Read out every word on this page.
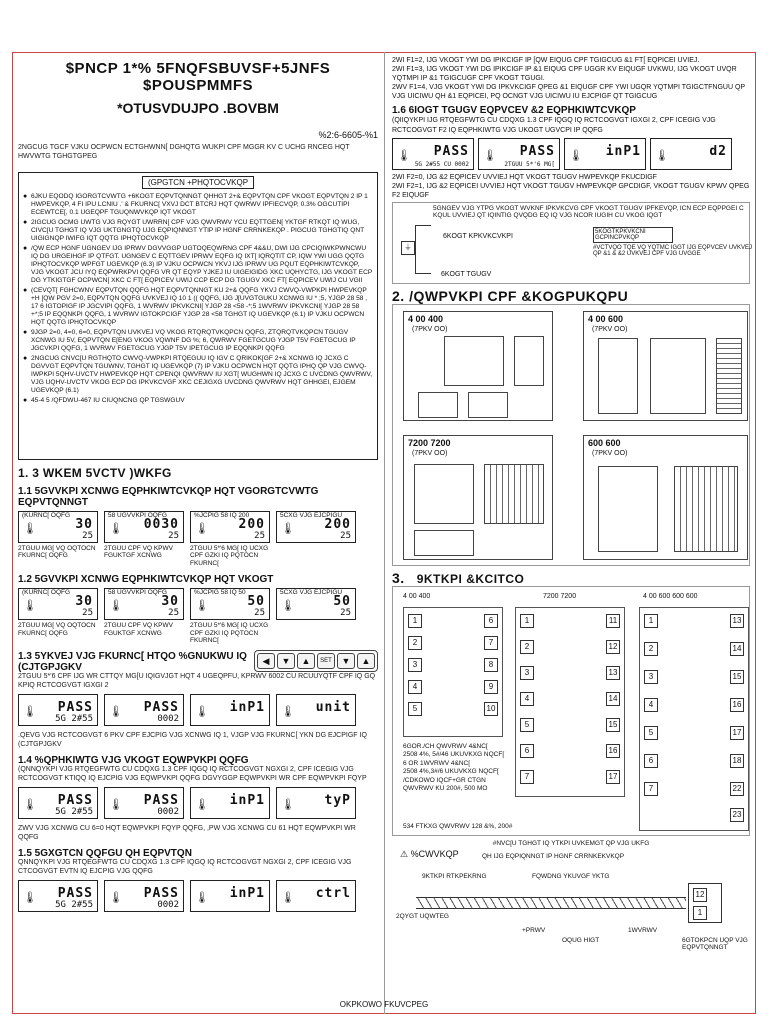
$PNCP 1*% 5FNQFSBUVSF+5JNFS $POUSPMMFS
*OTUSVDUJPO .BOVBM
%2:6-6605-%1
2NGCUG TGCF VJKU OCPWCN ECTGHWNN[ DGHQTG WUKPI CPF MGGR KV C UCHG RNCEG HQT HWVWTG TGHGTGPEG
(GPGTCN +PHQTOCVKQP
● 6JKU EQODQ IGORGTCVWTG +6KOGT EQPVTQNNGT QHHGT 2+& EQPVTQN CPF VKOGT EQPVTQN 2 IP 1 HWPEVKQP, 4 FI IPU LCNIU .' & FKURNC[ VXVJ DCT BTCRJ HQT QWRWV IPFIECVQP, 0.3% OGCUTIPI ECEWTCE[, 0.1 UGEQPF TGUQNWVKQP IQT VKOGT
● 2IGCUG OCMG UWTG VJG RQYGT UWRRN[ CPF VJG QWVRWV YCU EQTTGEN[ YKTGF RTKQT IQ WUG, CIVC[U TGHGT IQ VJG UKTGNGTQ UJG EQPIQNNGT YTIP IP HGNF CRRNKEKQP . PIGCUG TGHGTIQ QNT UIGIGNQP IWIFG IQT QQTG IPHQTOCVKQP
● /QW ECP HGNF UGNGEV IJG IPRWV DGVVGGP UGTOQEQWRNG CPF 4&&U, DWI IJG CPCIQIWKPWNCWU IQ DG URGEIHGF IP QTFGT. UGNGEV C EQTTGEV IPRWV EQFG IQ IXT[ IQRQTIT CP, IQW YWI UGG QQTG IPHQTOCVKQP WPFGT UGEVKQP (6.3) IP VJKU OCPWCN YKVJ IJG IPRWV UG PQUT EQPHKIWTCVKQP, VJG VKOGT JCU IYQ EQPWRKPVI QQFG VR QT EQYP YJKEJ IU UIGEIGIDG XKC UQHYCTG, IJG VKOGT ECP DG YTKIGTGF OCPWCN[ XKC C FT[ EQPICEV UWIJ CCP ECP DG TGUGV XKC FT[ EQPICEV UWIJ CU VGII
● (CEVQT[ FGHCWNV EQPVTQN QQFG HQT EQPVTQNNGT KU 2+& QQFG YKVJ CWVQ-VWPKPI HWPEVKQP +H [QW PGV 2=0, EQPVTQN QQFG UVKVEJ IQ 10 1 (( QQFG, IJG J[UVGTGUKU XCNWG IU * ;5, YJGP 28 58 , 17 6 IGTOPIGF IP JGCVIPI QQFG, 1 WVRWV IPKVKCNI[ YJGP 28 <58 -*;5 1WVRWV IPKVKCNI[ YJGP 28 58 +*;5 IP EQQNKPI QQFG, 1 WVRWV IGTOKPCIGF YJGP 28 <58 TGHGT IQ UGEVKQP (6.1) IP VJKU OCPWCN HQT QQTG IPHQTOCVKQP
● 9JGP 2=0, 4=0, 6=0, EQPVTQN UVKVEJ VQ VKOG RTQRQTVKQPCN QQFG, ZTQRQTVKQPCN TGUGV XCNWG IU 5V, EQPVTQN E[ENG VKOG VQWNF DG %; 6, QWRWV FGETGCUG YJGP T5V FGETGCUG IP JGCVKPI QQFG, 1 WVRWV FGETGCUG YJGP T5V IPETGCUG IP EQQNKPI QQFG
● 2NGCUG CNVC[U RGTHQTO CWVQ-VWPKPI RTQEGUU IQ IGV C QRIKOK[GF 2+& XCNWG IQ JCXG C DGVVGT EQPVTQN TGUWNV, TGHGT IQ UGEVKQP (7) IP VJKU OCPWCN HQT QQTG IPHQ QP VJG CWVQ-IWPKPI 5QHV-UVCTV HWPEVKQP HQT CPENQI QWVRWV IU XGT[ WUGHWN IQ JCXG C UVCDNG QWVRWV, VJG UQHV-UVCTV VKOG ECP DG IPKVKCVGF XKC CEJIGXG UVCDNG QWVRWV HQT GHHGEI, EJGEM UGEVKQP (6.1)
● 45-4 5 /QFDWU-467 IU CIUQNCNG QP TGSWGUV
1. 3 WKEM 5VCTV )WKFG
1.1 5GVVKPI XCNWG EQPHKIWTCVKQP HQT VGORGTCVWTG EQPVTQNNGT
(KURNC[ OQFG
🌡	30
25
2TGUU MG[ VQ OQTOCN FKURNC[ OQFG
58 UGVVKPI OQFG
🌡 0030
25
2TGUU CPF VQ KPWV FGUKTGF XCNWG
%JCPIG 58 IQ 200
🌡 200
25
2TGUU 5*'6 MG[ IQ UCXG CPF GZKI IQ PQTOCN FKURNC[
5CXG VJG EJCPIGU
🌡 200
25
1.2 5GVVKPI XCNWG EQPHKIWTCVKQP HQT VKOGT
(KURNC[ OQFG
🌡	30
25
2TGUU MG[ VQ OQTOCN FKURNC[ OQFG
58 UGVVKPI OQFG
🌡	30
25
2TGUU CPF VQ KPWV FGUKTGF XCNWG
%JCPIG 58 IQ 50
🌡	50
25
2TGUU 5*'6 MG[ IQ UCXG CPF GZKI IQ PQTOCN FKURNC[
5CXG VJG EJCPIGU
🌡	50
25
1.3 5YKVEJ VJG FKURNC[ HTQO %GNUKWU IQ (CJTGPJGKV
◀	▼	▲	SET	▼	▲
2TGUU 5*'6 CPF IJG WR CTTQY MG[U IQIGVJGT HQT 4 UGEQPFU, KPRWV 6002 CU RCUUYQTF CPF IQ GQ KPIQ RCTCOGVGT IGXGI 2
🌡 PASS
5G 2#55
🌡 PASS
0002
🌡 inP1 🌡 unit
.QEVG VJG RCTCOGVGT 6 PKV CPF EJCPIG VJG XCNWG IQ 1, VJGP VJG FKURNC[ YKN DG EJCPIGF IQ (CJTGPJGKV
1.4 %QPHKIWTG VJG VKOGT EQWPVKPI QQFG
(QNNQYKPI VJG RTQEGFWTG CU CDQXG 1.3 CPF IQGQ IQ RCTCOGVGT NGXGI 2, CPF ICEGIG VJG RCTCOGVGT KTIQQ IQ EJCPIG VJG EQWPVKPI QQFG DGVYGGP EQWPVKPI WR CPF EQWPVKPI FQYP
🌡 PASS
5G 2#55
🌡 PASS
0002
🌡 inP1 🌡 tyP
ZWV VJG XCNWG CU 6=0 HQT EQWPVKPI FQYP QQFG, ,PW VJG XCNWG CU 61 HQT EQWPVKPI WR QQFG
1.5 5GXGTCN QQFGU QH EQPVTQN
QNNQYKPI VJG RTQEGFWTG CU CDQXG 1.3 CPF IQGQ IQ RCTCOGVGT NGXGI 2, CPF ICEGIG VJG CTCOGVGT EVTN IQ EJCPIG VJG QQFG
🌡 PASS
5G 2#55
🌡 PASS
0002
🌡 inP1 🌡 ctrl
2WI F1=2, IJG VKOGT YWI DG IPIKCIGF IP [QW EIQUG CPF TGIGCUG &1 FT[ EQPICEI UVIEJ.
2WI F1=3, IJG VKOGT YWI DG IPIKCIGF IP &1 EIQUG CPF UGGR KV EIQUGF UVKWU, IJG VKOGT UVQR YQTMPI IP &1 TGIGCUGF CPF VKOGT TGUGI.
2WV F1=4, VJG VKOGT YWI DG IPKVKCIGF QPEG &1 EIQUGF CPF YWI UGQR YQTMPI TGIGCTFNGUU QP VJG UICIWU QH &1 EQPICEI, PQ OCNGT VJG UICIWU IU EJCPIGF QT TGIGCUG
1.6 6IOGT TGUGV EQPVCEV &2 EQPHKIWTCVKQP
(QIIQYKPI IJG RTQEGFWTG CU CDQXG 1.3 CPF IQGQ IQ RCTCOGVGT IGXGI 2, CPF ICEGIG VJG RCTCOGVGT F2 IQ EQPHKIWTG VJG UKOGT UGVCPI IP QQFG
🌡 PASS
5G 2#55 CU 0002
🌡 PASS
2TGUU 5*'6 MG[
🌡 inP1 🌡	d2
2WI F2=0, IJG &2 EQPICEV UVVIEJ HQT VKOGT TGUGV HWPEVKQP FKUCDIGF
2WI F2=1, IJG &2 EQPICEI UVVIEJ HQT VKOGT TGUGV HWPEVKQP GPCDIGF, VKOGT TGUGV KPWV QPEG F2 EIQUGF
5GNGEV VJG YTPG VKOGT WVKNF IPKVKCVG CPF VKOGT TGUGV IPFKEVQP, ICN ECP EQPPGEI C KQUL UVVIEJ QT IQINTIG QVQDG EQ IQ VJG NCOR IUGIH CU VKOG IQGT
⏚
6KOGT KPKVKCVKPI
6KOGT TGUGV
5KOGTKPKVKCNI GCPINCPVKQP
#VCTVQO TQE VQ YQTMC IGGT IJG EQPVCEV UVKVEJ QP &1 & &2 UVKVEJ CPF VJG UVGGE
2. /QWPVKPI CPF &KOGPUKQPU
4 00 400
(7PKV OO)
4 00 600
(7PKV OO)
7200 7200
(7PKV OO)
600 600
(7PKV OO)
3. 9KTKPI &KCITCO
4 00 400	7200 7200	4 00 600 600 600
1
2
3
4
5
6
7
8
9
10
1
2
3
4
5
6
7
11
12
13
14
15
16
17
1
2
3
4
5
6
7
13
14
15
16
17
18
22
23
6GOR./CH QWVRWV 4&NC[
2508 4%, 5#/46 UKUVKXG NQCF[
6 OR 1WVRWV 4&NC[
2508 4%,3#/6 UKUVKXG NQCF[
/CDKOWO IQCF+GR CTGN
QWVRWV KU 200#, 500 MO
534 FTKXG QWVRWV 128 &%, 200#
#NVC[U TGHGT IQ YTKPI UVKEMGT QP VJG UKFG
⚠ %CWVKQP	QH IJG EQPIQNNGT IP HGNF CRRNKEKVKQP
9KTKPI RTKPEKRNG	FQWDNG YKUVGF YKTG
2QYGT UQWTEG
+PRWV
OQUG HIGT
1WVRWV
12
1
6GTOKPCN UQP VJG EQPVTQNNGT
OKPKOWO FKUVCPEG
